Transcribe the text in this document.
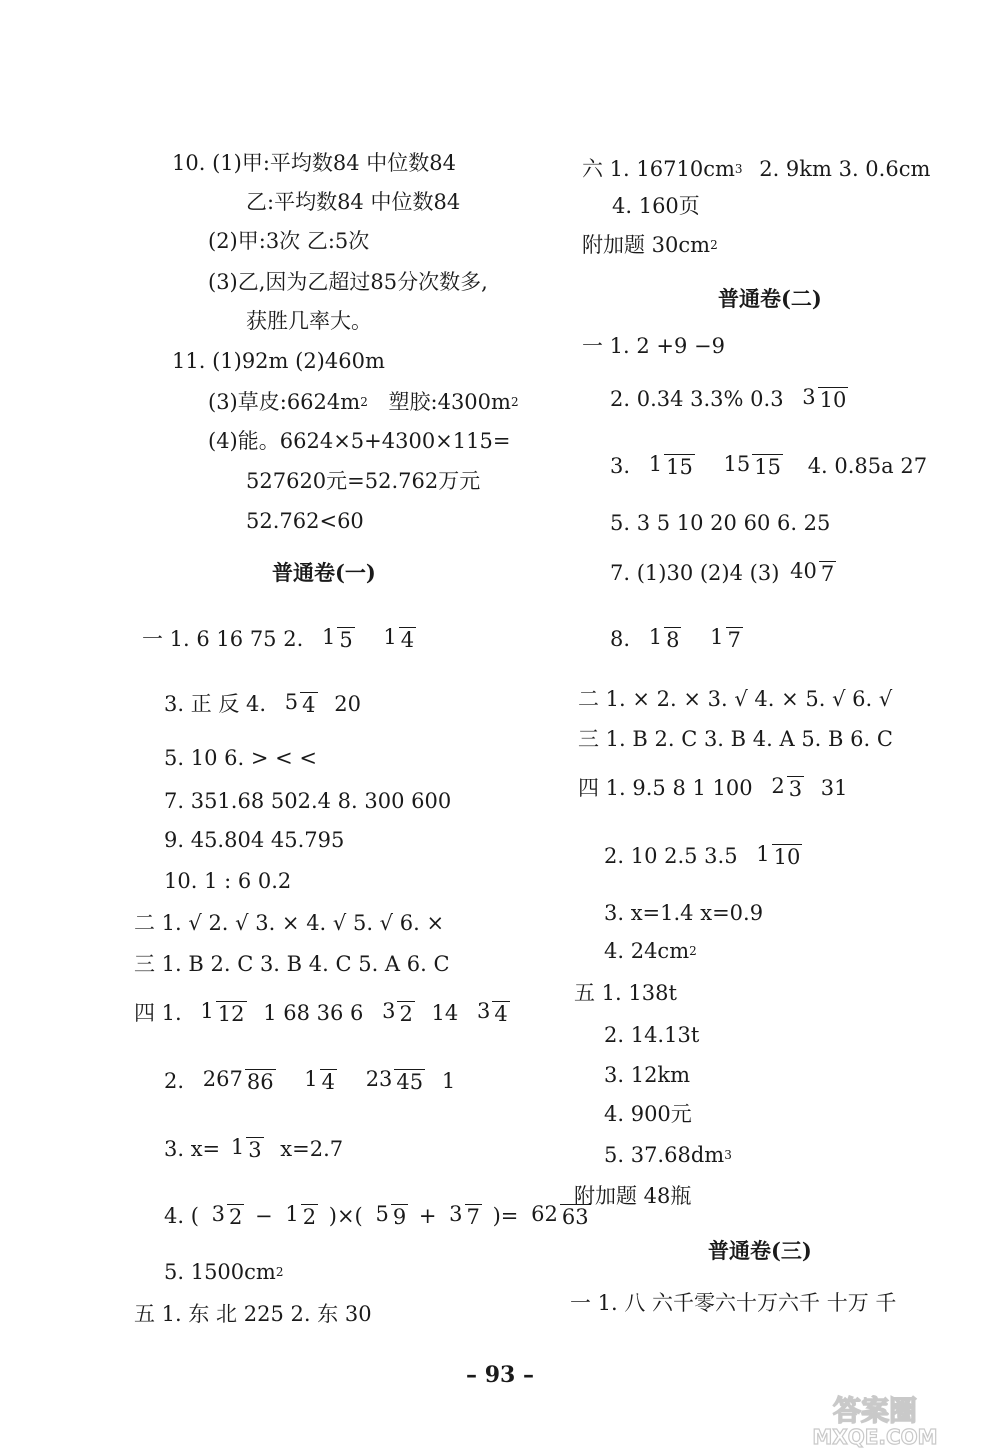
10. (1)甲:平均数84 中位数84
乙:平均数84 中位数84
(2)甲:3次 乙:5次
(3)乙,因为乙超过85分次数多,
获胜几率大。
11. (1)92m (2)460m
(3)草皮:6624m2 塑胶:4300m2
(4)能。6624×5+4300×115=
527620元=52.762万元
52.762<60
普通卷(一)
一 1. 6 16 75 2. 1 5 1 4
3. 正 反 4. 5 4 20
5. 10 6. > < <
7. 351.68 502.4 8. 300 600
9. 45.804 45.795
10. 1 : 6 0.2
二 1. √ 2. √ 3. × 4. √ 5. √ 6. ×
三 1. B 2. C 3. B 4. C 5. A 6. C
四 1. 1 12 1 68 36 6 3 2 14 3 4
2. 267 86 1 4 23 45 1
3. x= 1 3 x=2.7
4. ( 3 2 − 1 2 )×( 5 9 + 3 7 )= 62 63
5. 1500cm2
五 1. 东 北 225 2. 东 30
六 1. 16710cm3 2. 9km 3. 0.6cm
4. 160页
附加题 30cm2
普通卷(二)
一 1. 2 +9 −9
2. 0.34 3.3% 0.3 3 10
3. 1 15 15 15 4. 0.85a 27
5. 3 5 10 20 60 6. 25
7. (1)30 (2)4 (3) 40 7
8. 1 8 1 7
二 1. × 2. × 3. √ 4. × 5. √ 6. √
三 1. B 2. C 3. B 4. A 5. B 6. C
四 1. 9.5 8 1 100 2 3 31
2. 10 2.5 3.5 1 10
3. x=1.4 x=0.9
4. 24cm2
五 1. 138t
2. 14.13t
3. 12km
4. 900元
5. 37.68dm3
附加题 48瓶
普通卷(三)
一 1. 八 六千零六十万六千 十万 千
– 93 –
答案圈
MXQE.COM
